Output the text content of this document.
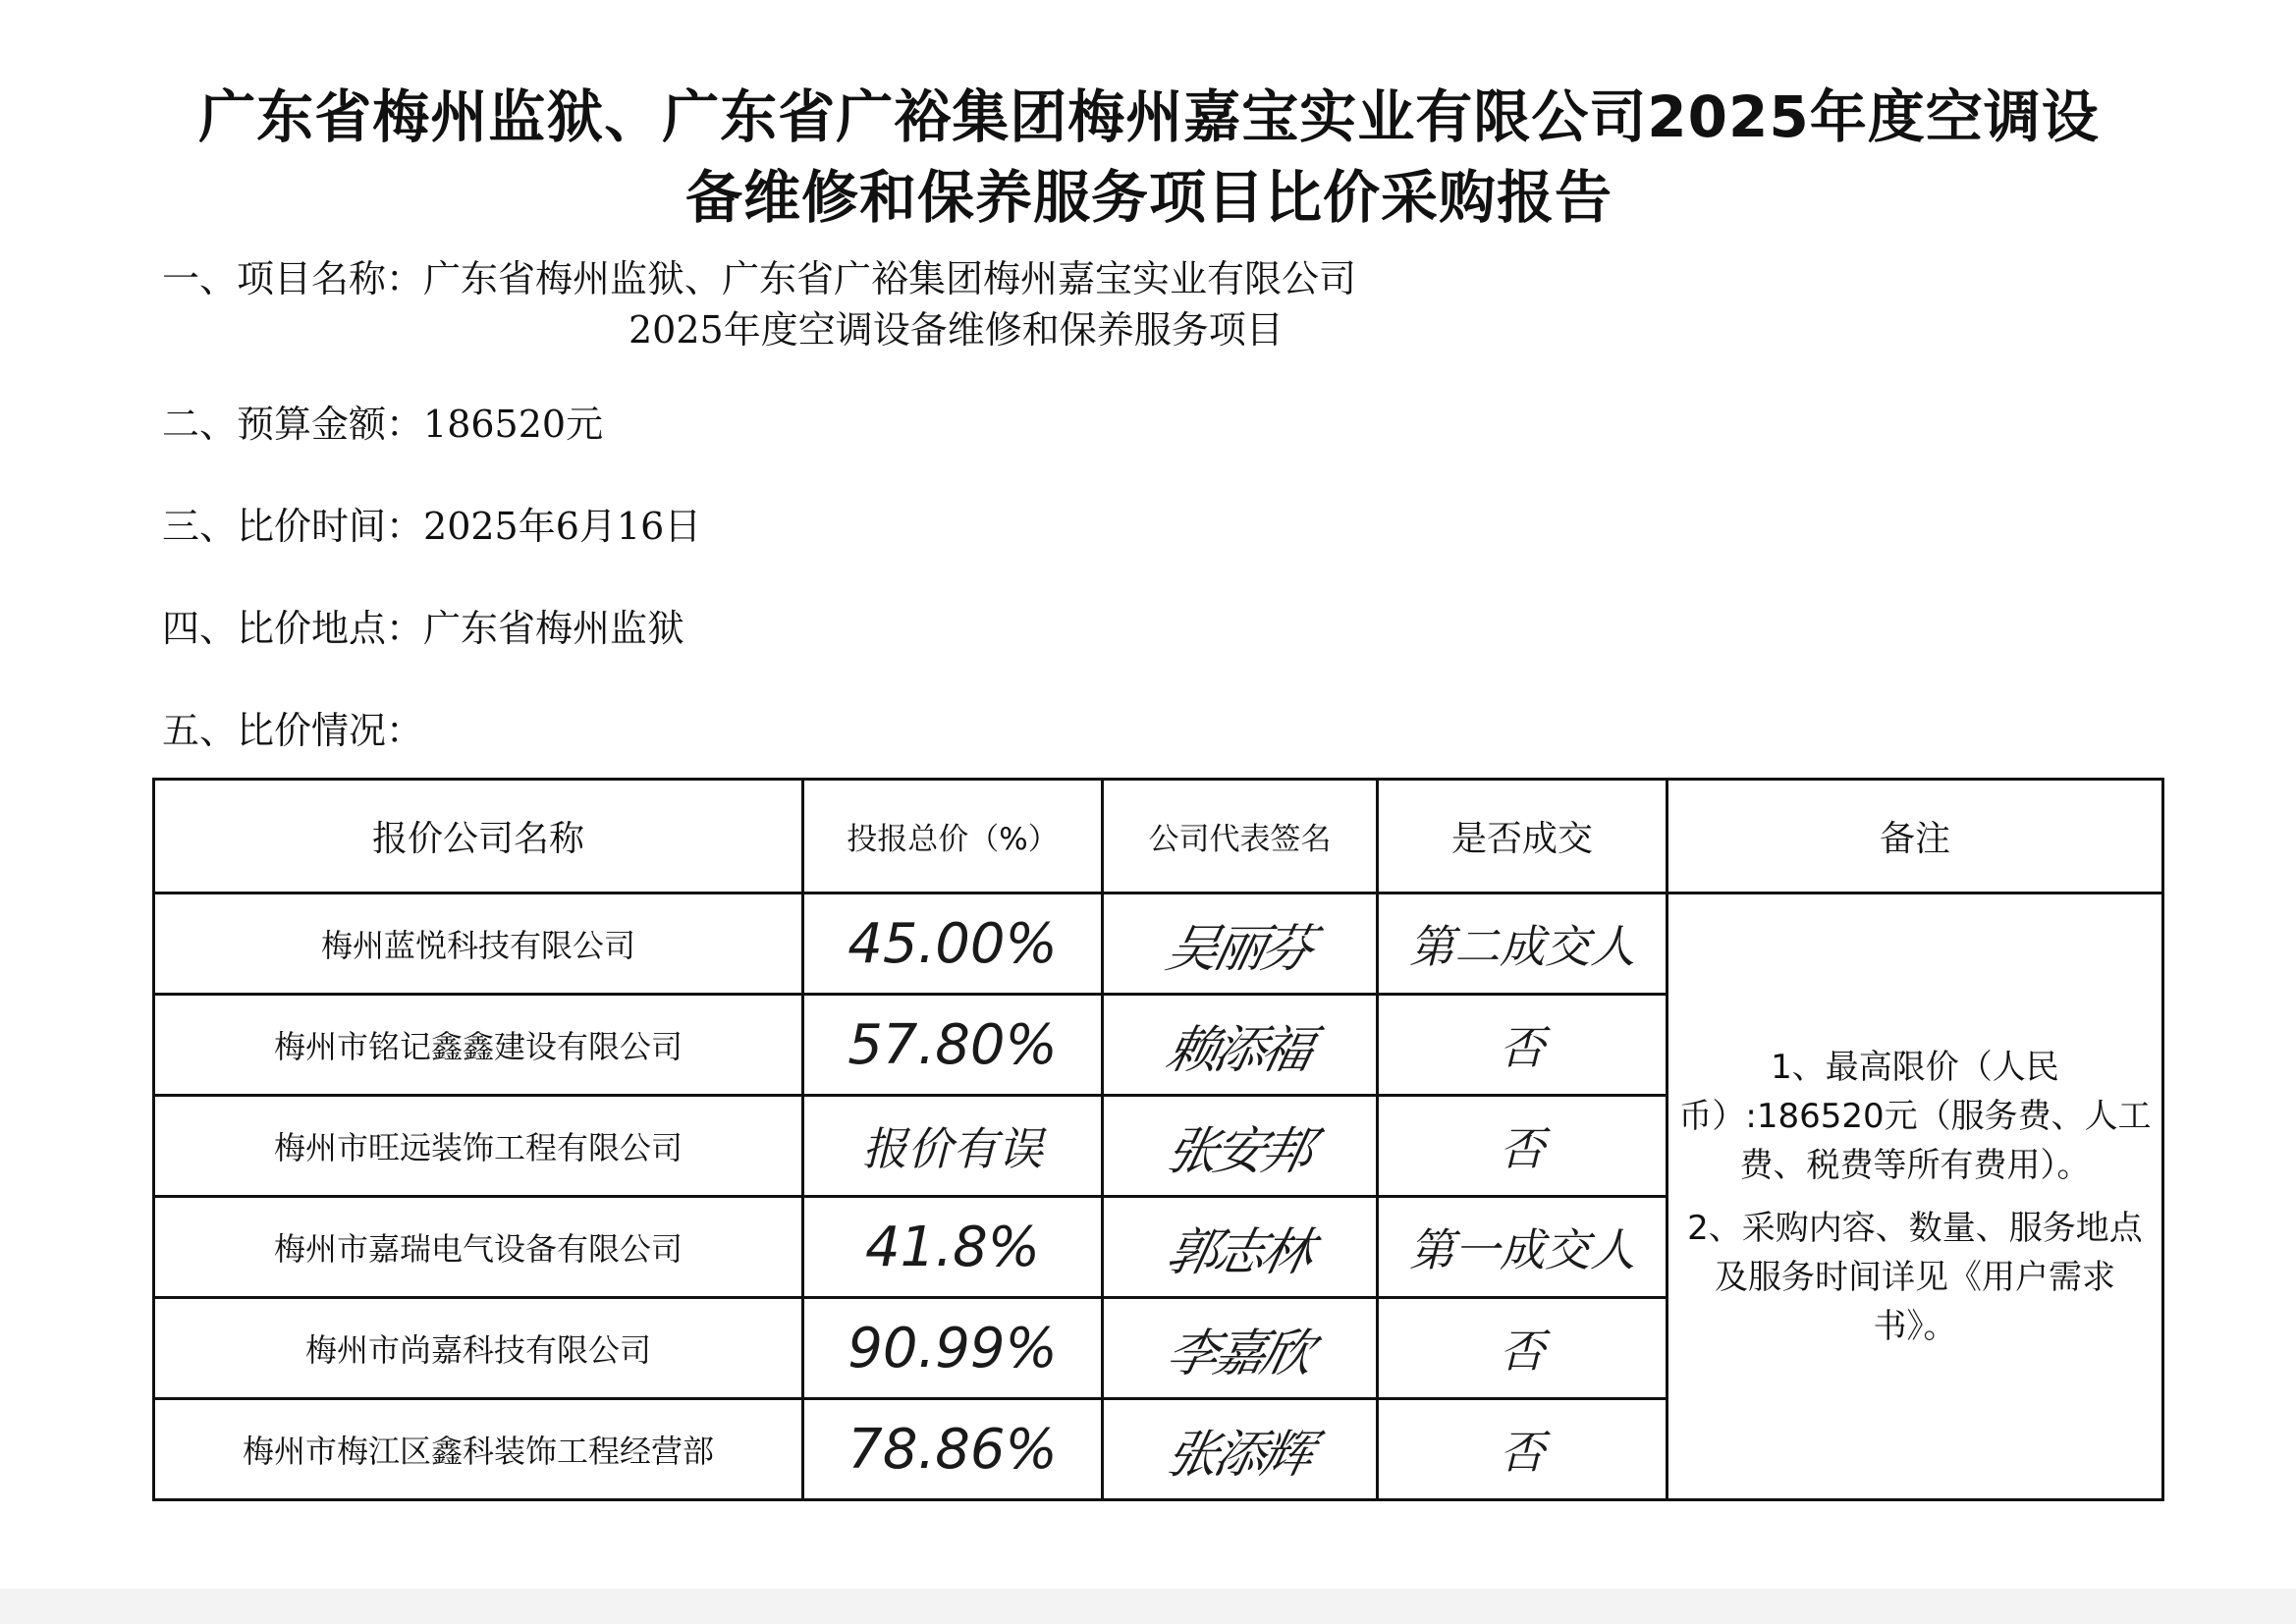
广东省梅州监狱、广东省广裕集团梅州嘉宝实业有限公司2025年度空调设
备维修和保养服务项目比价采购报告
一、项目名称：广东省梅州监狱、广东省广裕集团梅州嘉宝实业有限公司
2025年度空调设备维修和保养服务项目
二、预算金额：186520元
三、比价时间：2025年6月16日
四、比价地点：广东省梅州监狱
五、比价情况：
报价公司名称	投报总价（%）	公司代表签名	是否成交	备注
梅州蓝悦科技有限公司	45.00%	吴丽芬	第二成交人	1、最高限价（人民币）:186520元（服务费、人工费、税费等所有费用）。

2、采购内容、数量、服务地点及服务时间详见《用户需求书》。

梅州市铭记鑫鑫建设有限公司	57.80%	赖添福	否	
梅州市旺远装饰工程有限公司	报价有误	张安邦	否	
梅州市嘉瑞电气设备有限公司	41.8%	郭志林	第一成交人	
梅州市尚嘉科技有限公司	90.99%	李嘉欣	否	
梅州市梅江区鑫科装饰工程经营部	78.86%	张添辉	否	
